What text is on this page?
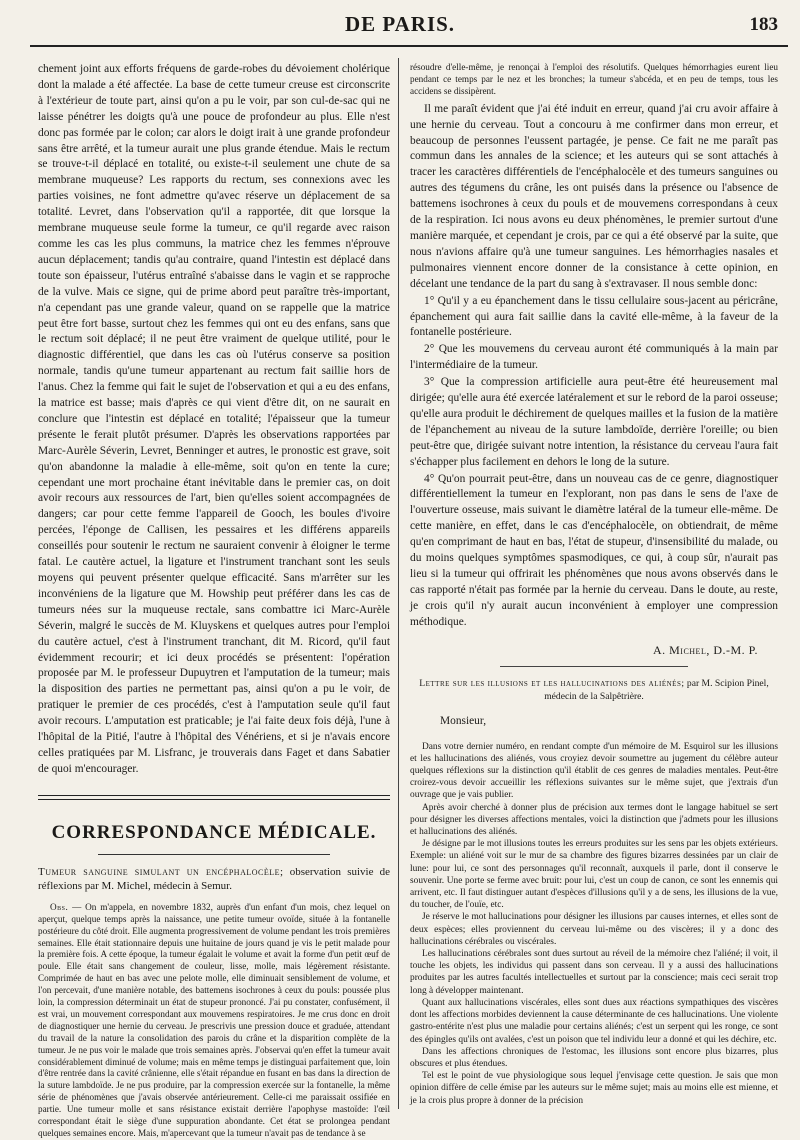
DE PARIS.	183

chement joint aux efforts fréquens de garde-robes du dévoiement cholérique dont la malade a été affectée. La base de cette tumeur creuse est circonscrite à l'extérieur de toute part, ainsi qu'on a pu le voir, par son cul-de-sac qui ne laisse pénétrer les doigts qu'à une pouce de profondeur au plus. Elle n'est donc pas formée par le colon; car alors le doigt irait à une grande profondeur sans être arrêté, et la tumeur aurait une plus grande étendue. Mais le rectum se trouve-t-il déplacé en totalité, ou existe-t-il seulement une chute de sa membrane muqueuse? Les rapports du rectum, ses connexions avec les parties voisines, ne font admettre qu'avec réserve un déplacement de sa totalité. Levret, dans l'observation qu'il a rapportée, dit que lorsque la membrane muqueuse seule forme la tumeur, ce qu'il regarde avec raison comme les cas les plus communs, la matrice chez les femmes n'éprouve aucun déplacement; tandis qu'au contraire, quand l'intestin est déplacé dans toute son épaisseur, l'utérus entraîné s'abaisse dans le vagin et se rapproche de la vulve. Mais ce signe, qui de prime abord peut paraître très-important, n'a cependant pas une grande valeur, quand on se rappelle que la matrice peut être fort basse, surtout chez les femmes qui ont eu des enfans, sans que le rectum soit déplacé; il ne peut être vraiment de quelque utilité, pour le diagnostic différentiel, que dans les cas où l'utérus conserve sa position normale, tandis qu'une tumeur appartenant au rectum fait saillie hors de l'anus. Chez la femme qui fait le sujet de l'observation et qui a eu des enfans, la matrice est basse; mais d'après ce qui vient d'être dit, on ne saurait en conclure que l'intestin est déplacé en totalité; l'épaisseur que la tumeur présente le ferait plutôt présumer. D'après les observations rapportées par Marc-Aurèle Séverin, Levret, Benninger et autres, le pronostic est grave, soit qu'on abandonne la maladie à elle-même, soit qu'on en tente la cure; cependant une mort prochaine étant inévitable dans le premier cas, on doit avoir recours aux ressources de l'art, bien qu'elles soient accompagnées de dangers; car pour cette femme l'appareil de Gooch, les boules d'ivoire percées, l'éponge de Callisen, les pessaires et les différens appareils conseillés pour soutenir le rectum ne sauraient convenir à éloigner le terme fatal. Le cautère actuel, la ligature et l'instrument tranchant sont les seuls moyens qui peuvent présenter quelque efficacité. Sans m'arrêter sur les inconvéniens de la ligature que M. Howship peut préférer dans les cas de tumeurs nées sur la muqueuse rectale, sans combattre ici Marc-Aurèle Séverin, malgré le succès de M. Kluyskens et quelques autres pour l'emploi du cautère actuel, c'est à l'instrument tranchant, dit M. Ricord, qu'il faut évidemment recourir; et ici deux procédés se présentent: l'opération proposée par M. le professeur Dupuytren et l'amputation de la tumeur; mais la disposition des parties ne permettant pas, ainsi qu'on a pu le voir, de pratiquer le premier de ces procédés, c'est à l'amputation seule qu'il faut avoir recours. L'amputation est praticable; je l'ai faite deux fois déjà, l'une à l'hôpital de la Pitié, l'autre à l'hôpital des Vénériens, et si je n'avais encore celles pratiquées par M. Lisfranc, je trouverais dans Faget et dans Sabatier de quoi m'encourager.

CORRESPONDANCE MÉDICALE.

Tumeur sanguine simulant un encéphalocèle; observation suivie de réflexions par M. Michel, médecin à Semur.

Obs. — On m'appela, en novembre 1832, auprès d'un enfant d'un mois, chez lequel on aperçut, quelque temps après la naissance, une petite tumeur ovoïde, située à la fontanelle postérieure du côté droit. Elle augmenta progressivement de volume pendant les trois premières semaines. Elle était stationnaire depuis une huitaine de jours quand je vis le petit malade pour la première fois. A cette époque, la tumeur égalait le volume et avait la forme d'un petit œuf de poule. Elle était sans changement de couleur, lisse, molle, mais légèrement résistante. Comprimée de haut en bas avec une pelote molle, elle diminuait sensiblement de volume, et l'on percevait, d'une manière notable, des battemens isochrones à ceux du pouls: poussée plus loin, la compression déterminait un état de stupeur prononcé. J'ai pu constater, confusément, il est vrai, un mouvement correspondant aux mouvemens respiratoires. Je me crus donc en droit de diagnostiquer une hernie du cerveau. Je prescrivis une pression douce et graduée, attendant du travail de la nature la consolidation des parois du crâne et la disparition complète de la tumeur. Je ne pus voir le malade que trois semaines après. J'observai qu'en effet la tumeur avait considérablement diminué de volume; mais en même temps je distinguai parfaitement que, loin d'être rentrée dans la cavité crânienne, elle s'était répandue en fusant en bas dans la direction de la suture lambdoïde. Je ne pus produire, par la compression exercée sur la fontanelle, la même série de phénomènes que j'avais observée antérieurement. Celle-ci me paraissait ossifiée en partie. Une tumeur molle et sans résistance existait derrière l'apophyse mastoïde: l'œil correspondant était le siège d'une suppuration abondante. Cet état se prolongea pendant quelques semaines encore. Mais, m'apercevant que la tumeur n'avait pas de tendance à se

résoudre d'elle-même, je renonçai à l'emploi des résolutifs. Quelques hémorrhagies eurent lieu pendant ce temps par le nez et les bronches; la tumeur s'abcéda, et en peu de temps, tous les accidens se dissipèrent.

Il me paraît évident que j'ai été induit en erreur, quand j'ai cru avoir affaire à une hernie du cerveau. Tout a concouru à me confirmer dans mon erreur, et beaucoup de personnes l'eussent partagée, je pense. Ce fait ne me paraît pas commun dans les annales de la science; et les auteurs qui se sont attachés à tracer les caractères différentiels de l'encéphalocèle et des tumeurs sanguines ou autres des tégumens du crâne, les ont puisés dans la présence ou l'absence de battemens isochrones à ceux du pouls et de mouvemens correspondans à ceux de la respiration. Ici nous avons eu deux phénomènes, le premier surtout d'une manière marquée, et cependant je crois, par ce qui a été observé par la suite, que nous n'avions affaire qu'à une tumeur sanguines. Les hémorrhagies nasales et pulmonaires viennent encore donner de la consistance à cette opinion, en décelant une tendance de la part du sang à s'extravaser. Il nous semble donc:

1° Qu'il y a eu épanchement dans le tissu cellulaire sous-jacent au péricrâne, épanchement qui aura fait saillie dans la cavité elle-même, à la faveur de la fontanelle postérieure.

2° Que les mouvemens du cerveau auront été communiqués à la main par l'intermédiaire de la tumeur.

3° Que la compression artificielle aura peut-être été heureusement mal dirigée; qu'elle aura été exercée latéralement et sur le rebord de la paroi osseuse; qu'elle aura produit le déchirement de quelques mailles et la fusion de la matière de l'épanchement au niveau de la suture lambdoïde, derrière l'oreille; ou bien peut-être que, dirigée suivant notre intention, la résistance du cerveau l'aura fait s'échapper plus facilement en dehors le long de la suture.

4° Qu'on pourrait peut-être, dans un nouveau cas de ce genre, diagnostiquer différentiellement la tumeur en l'explorant, non pas dans le sens de l'axe de l'ouverture osseuse, mais suivant le diamètre latéral de la tumeur elle-même. De cette manière, en effet, dans le cas d'encéphalocèle, on obtiendrait, de même qu'en comprimant de haut en bas, l'état de stupeur, d'insensibilité du malade, ou du moins quelques symptômes spasmodiques, ce qui, à coup sûr, n'aurait pas lieu si la tumeur qui offrirait les phénomènes que nous avons observés dans le cas rapporté n'était pas formée par la hernie du cerveau. Dans le doute, au reste, je crois qu'il n'y aurait aucun inconvénient à employer une compression méthodique.

A. Michel, D.-M. P.
Lettre sur les illusions et les hallucinations des aliénés; par M. Scipion Pinel, médecin de la Salpêtrière.
Monsieur,

Dans votre dernier numéro, en rendant compte d'un mémoire de M. Esquirol sur les illusions et les hallucinations des aliénés, vous croyiez devoir soumettre au jugement du célèbre auteur quelques réflexions sur la distinction qu'il établit de ces genres de maladies mentales. Peut-être croirez-vous devoir accueillir les réflexions suivantes sur le même sujet, que j'extrais d'un ouvrage que je vais publier.

Après avoir cherché à donner plus de précision aux termes dont le langage habituel se sert pour désigner les diverses affections mentales, voici la distinction que j'admets pour les illusions et hallucinations des aliénés.

Je désigne par le mot illusions toutes les erreurs produites sur les sens par les objets extérieurs. Exemple: un aliéné voit sur le mur de sa chambre des figures bizarres dessinées par un clair de lune: pour lui, ce sont des personnages qu'il reconnaît, auxquels il parle, dont il conserve le souvenir. Une porte se ferme avec bruit: pour lui, c'est un coup de canon, ce sont les ennemis qui arrivent, etc. Il faut distinguer autant d'espèces d'illusions qu'il y a de sens, les illusions de la vue, du toucher, de l'ouïe, etc.

Je réserve le mot hallucinations pour désigner les illusions par causes internes, et elles sont de deux espèces; elles proviennent du cerveau lui-même ou des viscères; il y a donc des hallucinations cérébrales ou viscérales.

Les hallucinations cérébrales sont dues surtout au réveil de la mémoire chez l'aliéné; il voit, il touche les objets, les individus qui passent dans son cerveau. Il y a aussi des hallucinations produites par les autres facultés intellectuelles et surtout par la conscience; mais ceci serait trop long à développer maintenant.

Quant aux hallucinations viscérales, elles sont dues aux réactions sympathiques des viscères dont les affections morbides deviennent la cause déterminante de ces hallucinations. Une violente gastro-entérite n'est plus une maladie pour certains aliénés; c'est un serpent qui les ronge, ce sont des épingles qu'ils ont avalées, c'est un poison que tel individu leur a donné et qui les déchire, etc.

Dans les affections chroniques de l'estomac, les illusions sont encore plus bizarres, plus obscures et plus étendues.

Tel est le point de vue physiologique sous lequel j'envisage cette question. Je sais que mon opinion diffère de celle émise par les auteurs sur le même sujet; mais au moins elle est mienne, et je la crois plus propre à donner de la précision
